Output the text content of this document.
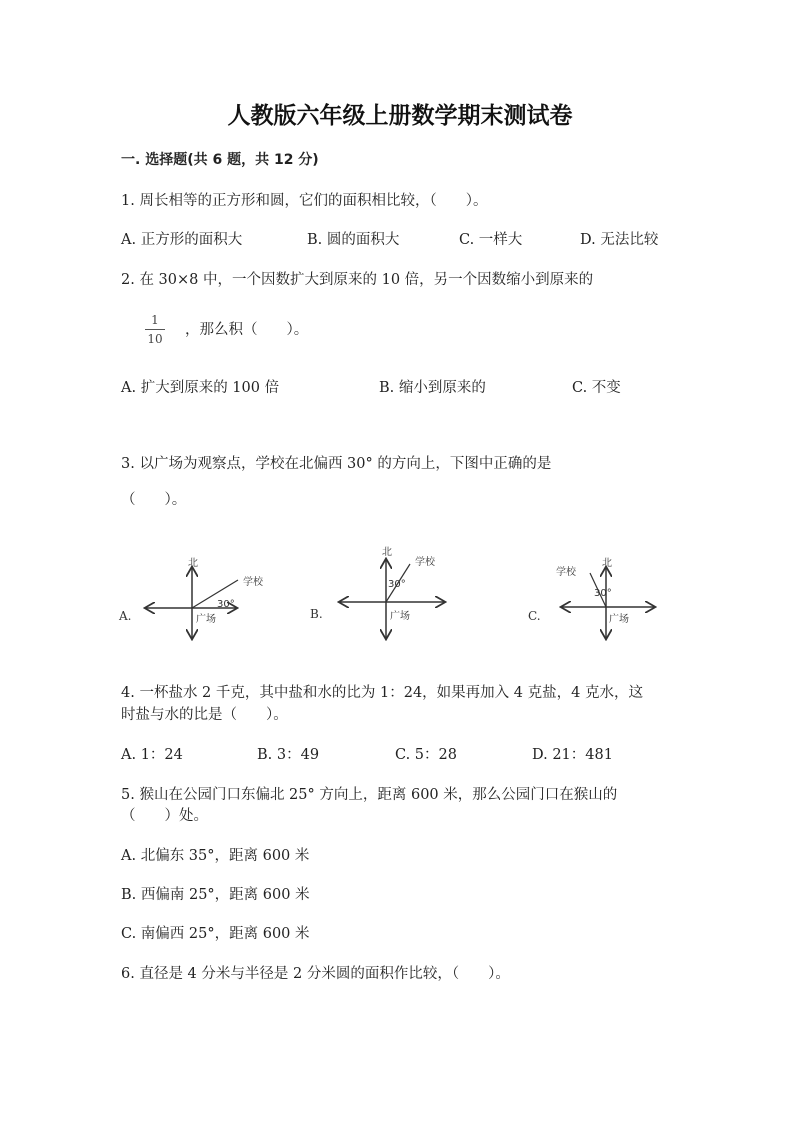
人教版六年级上册数学期末测试卷
一. 选择题(共 6 题，共 12 分)
1. 周长相等的正方形和圆，它们的面积相比较，（　　）。
A. 正方形的面积大	B. 圆的面积大	C. 一样大	D. 无法比较
2. 在 30×8 中，一个因数扩大到原来的 10 倍，另一个因数缩小到原来的
1
10
，那么积（　　）。
A. 扩大到原来的 100 倍	B. 缩小到原来的	C. 不变
3. 以广场为观察点，学校在北偏西 30° 的方向上，下图中正确的是
（　　）。
A.
北
学校
30°
广场	B.
北
学校
30°
广场	C.
北
学校
30°
广场
4. 一杯盐水 2 千克，其中盐和水的比为 1：24，如果再加入 4 克盐，4 克水，这
时盐与水的比是（　　）。
A. 1：24	B. 3：49	C. 5：28	D. 21：481
5. 猴山在公园门口东偏北 25° 方向上，距离 600 米，那么公园门口在猴山的
（　　）处。
A. 北偏东 35°，距离 600 米
B. 西偏南 25°，距离 600 米
C. 南偏西 25°，距离 600 米
6. 直径是 4 分米与半径是 2 分米圆的面积作比较，（　　）。
